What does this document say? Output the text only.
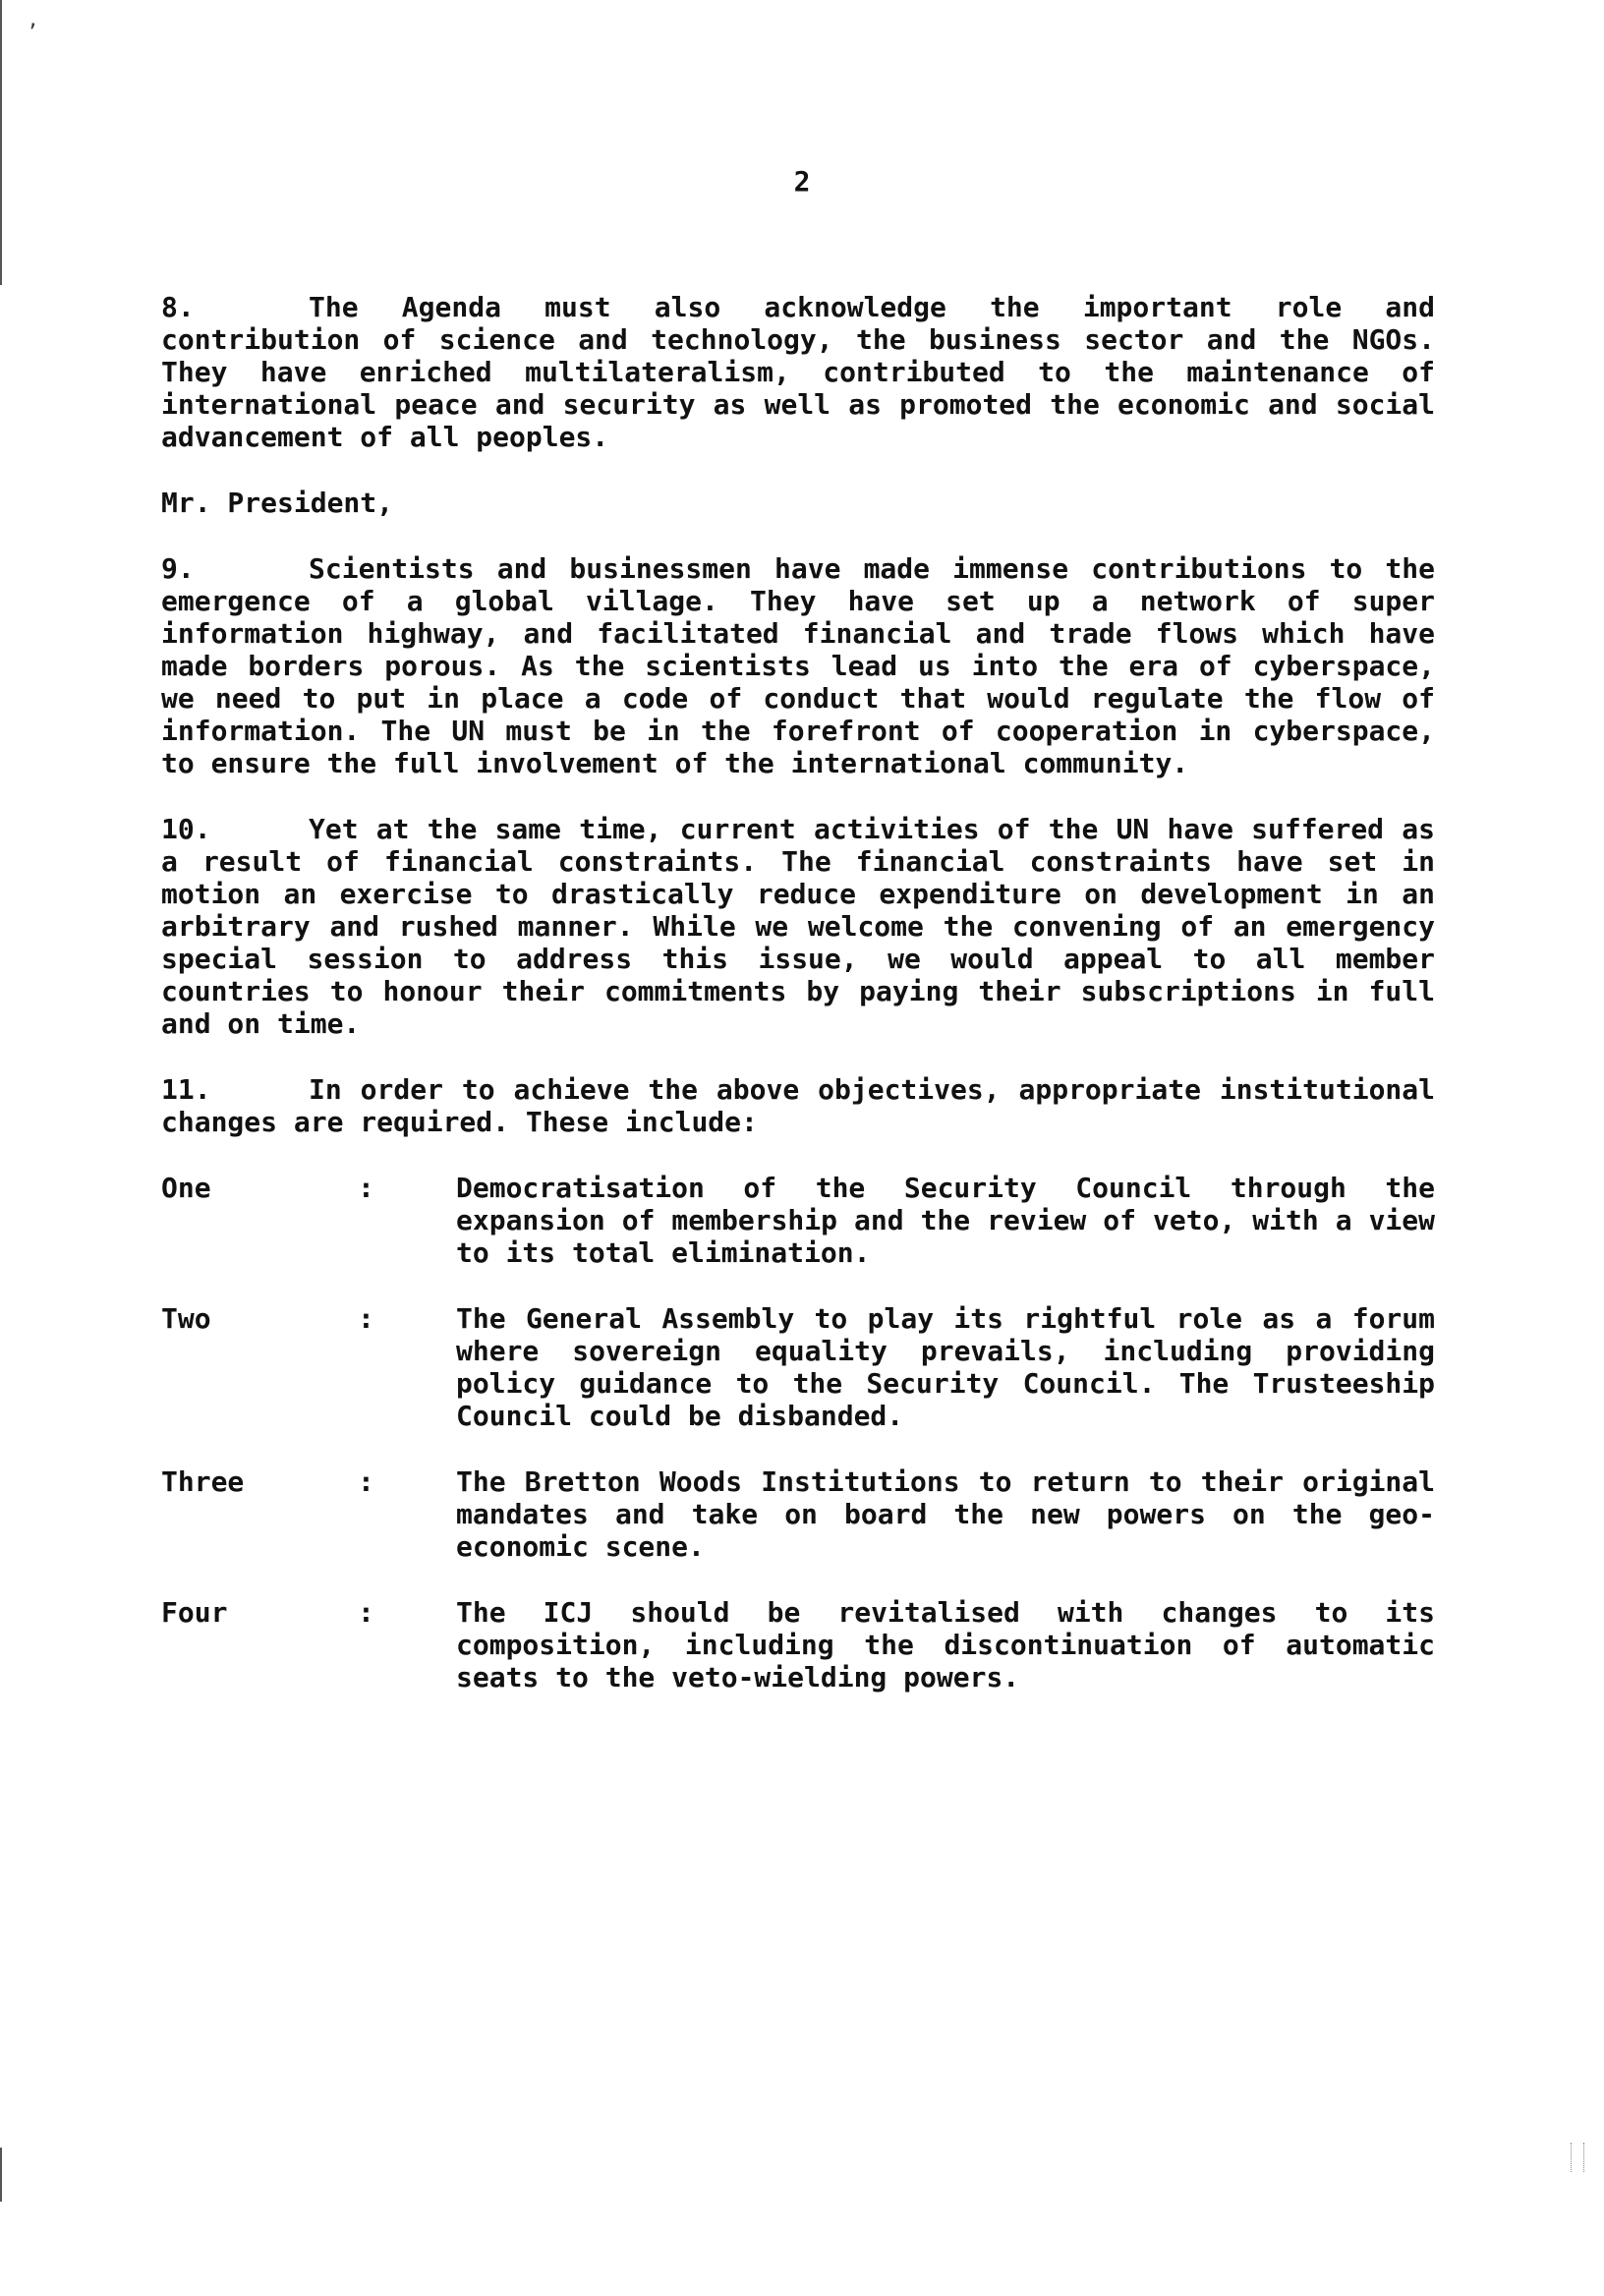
’
2

8.	The Agenda must also acknowledge the important role and contribution of science and technology, the business sector and the NGOs. They have enriched multilateralism, contributed to the maintenance of international peace and security as well as promoted the economic and social advancement of all peoples.

Mr. President,

9.	Scientists and businessmen have made immense contributions to the emergence of a global village. They have set up a network of super information highway, and facilitated financial and trade flows which have made borders porous. As the scientists lead us into the era of cyberspace, we need to put in place a code of conduct that would regulate the flow of information. The UN must be in the forefront of cooperation in cyberspace, to ensure the full involvement of the international community.

10.	Yet at the same time, current activities of the UN have suffered as a result of financial constraints. The financial constraints have set in motion an exercise to drastically reduce expenditure on development in an arbitrary and rushed manner. While we welcome the convening of an emergency special session to address this issue, we would appeal to all member countries to honour their commitments by paying their subscriptions in full and on time.

11.	In order to achieve the above objectives, appropriate institutional changes are required. These include:

One	:	Democratisation of the Security Council through the expansion of membership and the review of veto, with a view to its total elimination.
Two	:	The General Assembly to play its rightful role as a forum where sovereign equality prevails, including providing policy guidance to the Security Council. The Trusteeship Council could be disbanded.
Three	:	The Bretton Woods Institutions to return to their original mandates and take on board the new powers on the geo-economic scene.
Four	:	The ICJ should be revitalised with changes to its composition, including the discontinuation of automatic seats to the veto-wielding powers.
